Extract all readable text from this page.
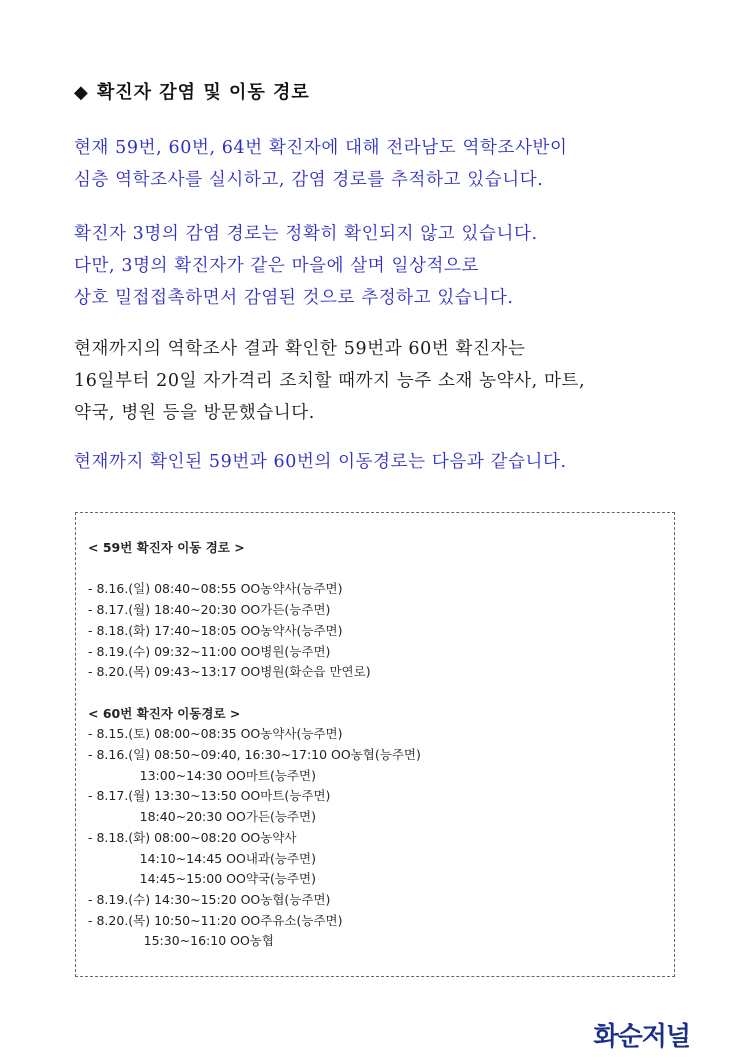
◆ 확진자 감염 및 이동 경로
현재 59번, 60번, 64번 확진자에 대해 전라남도 역학조사반이
심층 역학조사를 실시하고, 감염 경로를 추적하고 있습니다.
확진자 3명의 감염 경로는 정확히 확인되지 않고 있습니다.
다만, 3명의 확진자가 같은 마을에 살며 일상적으로
상호 밀접접촉하면서 감염된 것으로 추정하고 있습니다.
현재까지의 역학조사 결과 확인한 59번과 60번 확진자는
16일부터 20일 자가격리 조치할 때까지 능주 소재 농약사, 마트,
약국, 병원 등을 방문했습니다.
현재까지 확인된 59번과 60번의 이동경로는 다음과 같습니다.
< 59번 확진자 이동 경로 >
- 8.16.(일) 08:40~08:55 OO농약사(능주면)
- 8.17.(월) 18:40~20:30 OO가든(능주면)
- 8.18.(화) 17:40~18:05 OO농약사(능주면)
- 8.19.(수) 09:32~11:00 OO병원(능주면)
- 8.20.(목) 09:43~13:17 OO병원(화순읍 만연로)
< 60번 확진자 이동경로 >
- 8.15.(토) 08:00~08:35 OO농약사(능주면)
- 8.16.(일) 08:50~09:40, 16:30~17:10 OO농협(능주면)
13:00~14:30 OO마트(능주면)
- 8.17.(월) 13:30~13:50 OO마트(능주면)
18:40~20:30 OO가든(능주면)
- 8.18.(화) 08:00~08:20 OO농약사
14:10~14:45 OO내과(능주면)
14:45~15:00 OO약국(능주면)
- 8.19.(수) 14:30~15:20 OO농협(능주면)
- 8.20.(목) 10:50~11:20 OO주유소(능주면)
15:30~16:10 OO농협
화순저널
